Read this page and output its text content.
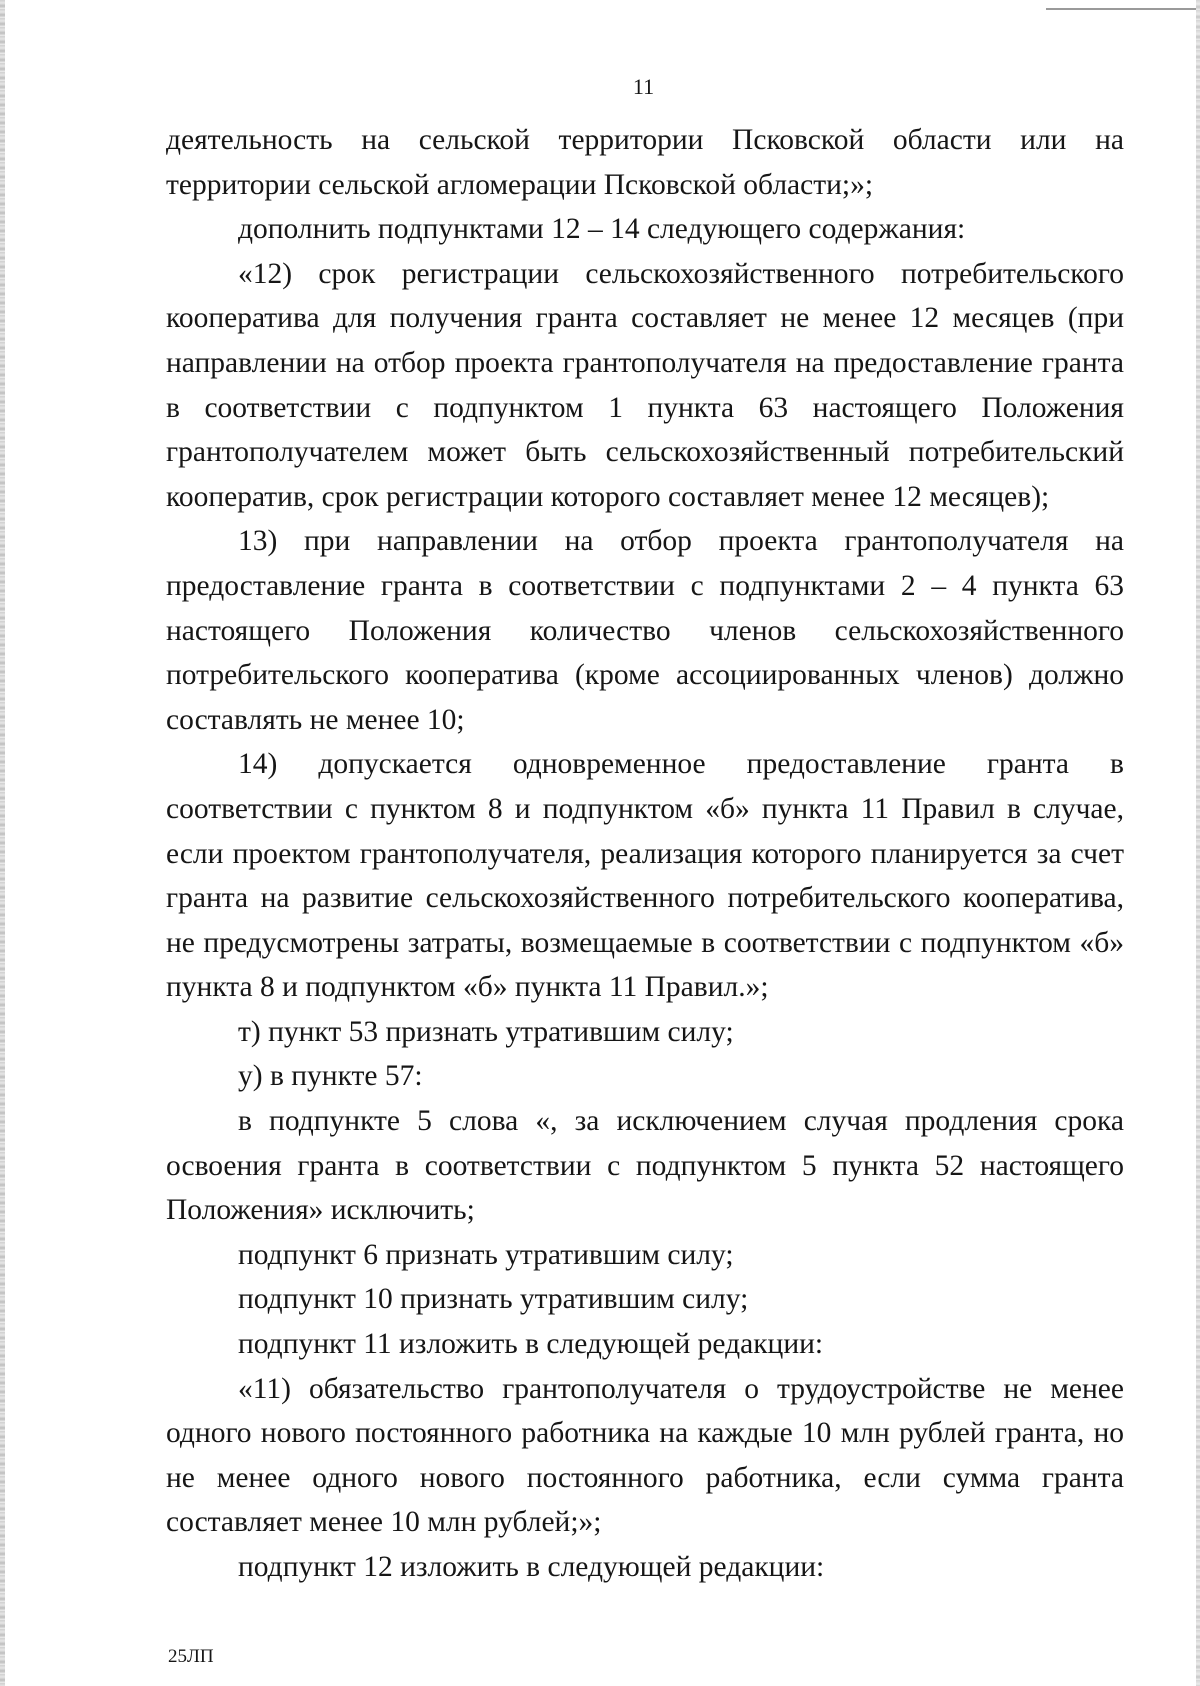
11

деятельность на сельской территории Псковской области или на территории сельской агломерации Псковской области;»;

дополнить подпунктами 12 – 14 следующего содержания:

«12) срок регистрации сельскохозяйственного потребительского кооператива для получения гранта составляет не менее 12 месяцев (при направлении на отбор проекта грантополучателя на предоставление гранта в соответствии с подпунктом 1 пункта 63 настоящего Положения грантополучателем может быть сельскохозяйственный потребительский кооператив, срок регистрации которого составляет менее 12 месяцев);

13) при направлении на отбор проекта грантополучателя на предоставление гранта в соответствии с подпунктами 2 – 4 пункта 63 настоящего Положения количество членов сельскохозяйственного потребительского кооператива (кроме ассоциированных членов) должно составлять не менее 10;

14) допускается одновременное предоставление гранта в соответствии с пунктом 8 и подпунктом «б» пункта 11 Правил в случае, если проектом грантополучателя, реализация которого планируется за счет гранта на развитие сельскохозяйственного потребительского кооператива, не предусмотрены затраты, возмещаемые в соответствии с подпунктом «б» пункта 8 и подпунктом «б» пункта 11 Правил.»;

т) пункт 53 признать утратившим силу;

у) в пункте 57:

в подпункте 5 слова «, за исключением случая продления срока освоения гранта в соответствии с подпунктом 5 пункта 52 настоящего Положения» исключить;

подпункт 6 признать утратившим силу;

подпункт 10 признать утратившим силу;

подпункт 11 изложить в следующей редакции:

«11) обязательство грантополучателя о трудоустройстве не менее одного нового постоянного работника на каждые 10 млн рублей гранта, но не менее одного нового постоянного работника, если сумма гранта составляет менее 10 млн рублей;»;

подпункт 12 изложить в следующей редакции:

25ЛП
